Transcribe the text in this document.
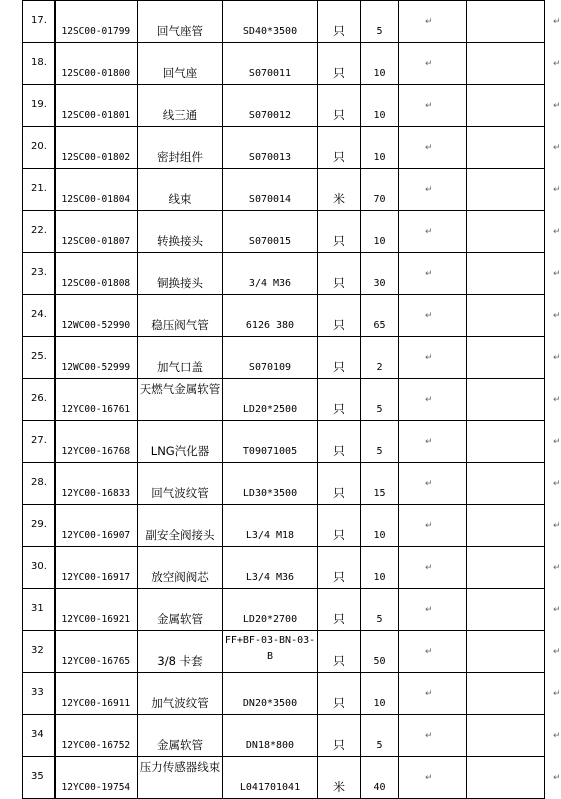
17.	12SC00-01799	回气座管	SD40*3500	只	5	↵	↵

18.	12SC00-01800	回气座	S070011	只	10	↵	↵

19.	12SC00-01801	线三通	S070012	只	10	↵	↵

20.	12SC00-01802	密封组件	S070013	只	10	↵	↵

21.	12SC00-01804	线束	S070014	米	70	↵	↵

22.	12SC00-01807	转换接头	S070015	只	10	↵	↵

23.	12SC00-01808	铜换接头	3/4 M36	只	30	↵	↵

24.	12WC00-52990	稳压阀气管	6126 380	只	65	↵	↵

25.	12WC00-52999	加气口盖	S070109	只	2	↵	↵

26.	12YC00-16761	天燃气金属软管	LD20*2500	只	5	↵	↵

27.	12YC00-16768	LNG汽化器	T09071005	只	5	↵	↵

28.	12YC00-16833	回气波纹管	LD30*3500	只	15	↵	↵

29.	12YC00-16907	副安全阀接头	L3/4 M18	只	10	↵	↵

30.	12YC00-16917	放空阀阀芯	L3/4 M36	只	10	↵	↵

31	12YC00-16921	金属软管	LD20*2700	只	5	↵	↵

32	12YC00-16765	3/8 卡套	FF+BF-03-BN-03-B	只	50	↵	↵

33	12YC00-16911	加气波纹管	DN20*3500	只	10	↵	↵

34	12YC00-16752	金属软管	DN18*800	只	5	↵	↵

35	12YC00-19754	压力传感器线束	L041701041	米	40	↵	↵
